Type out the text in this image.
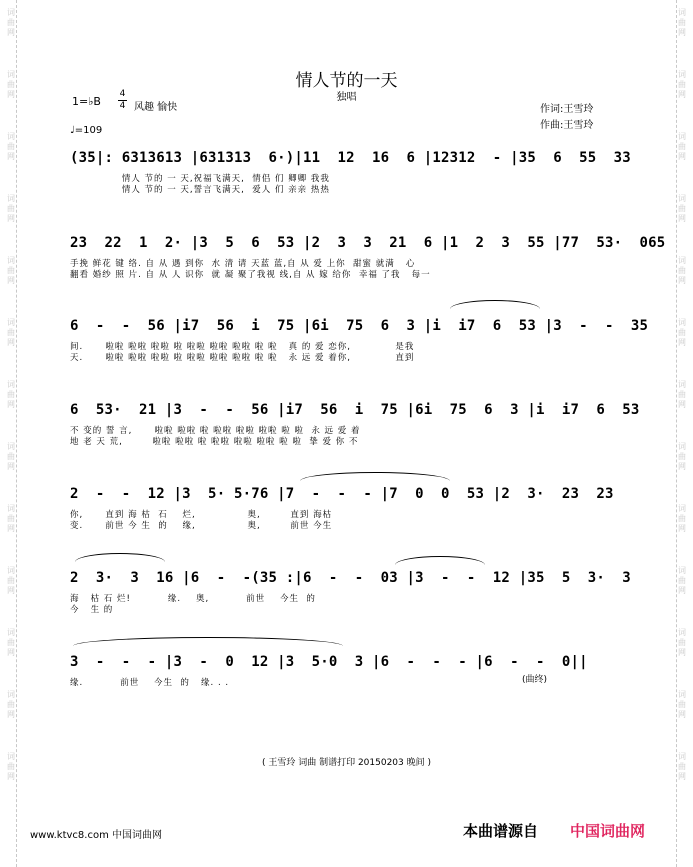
词曲网
词曲网
词曲网
词曲网
词曲网
词曲网
词曲网
词曲网
词曲网
词曲网
词曲网
词曲网
词曲网
词曲网
词曲网
词曲网
词曲网
词曲网
词曲网
词曲网
词曲网
词曲网
词曲网
词曲网
词曲网
词曲网
情人节的一天
独唱
1=♭B
4
4 风趣 愉快
♩=109
作词:王雪玲
作曲:王雪玲
(35|: 6313613 |631313  6·)|11  12  16  6 |12312  - |35  6  55  33
情人 节的 一 天,祝福飞满天,  情侣 们 卿卿 我我
情人 节的 一 天,誓言飞满天,  爱人 们 亲亲 热热
23  22  1  2· |3  5  6  53 |2  3  3  21  6 |1  2  3  55 |77  53·  065
手挽 鲜花 键 络. 自 从 遇 到你  水 清 请 天蓝 蓝,自 从 爱 上你  甜蜜 就满   心
翻看 婚纱 照 片. 自 从 人 识你  就 凝 聚了我视 线,自 从 嫁 给你  幸福 了我   每一
6  -  -  56 |i7  56  i  75 |6i  75  6  3 |i  i7  6  53 |3  -  -  35
间.      啦啦 啦啦 啦啦 啦 啦啦 啦啦 啦啦 啦 啦   真 的 爱 恋你,            是我
天.      啦啦 啦啦 啦啦 啦 啦啦 啦啦 啦啦 啦 啦   永 远 爱 着你,            直到
6  53·  21 |3  -  -  56 |i7  56  i  75 |6i  75  6  3 |i  i7  6  53
不 变的 誓 言,      啦啦 啦啦 啦 啦啦 啦啦 啦啦 啦 啦  永 远 爱 着
地 老 天 荒,        啦啦 啦啦 啦 啦啦 啦啦 啦啦 啦 啦  挚 爱 你 不
2  -  -  12 |3  5· 5·76 |7  -  -  - |7  0  0  53 |2  3·  23  23
你,      直到 海 枯  石    烂,              奥,        直到 海枯
变.      前世 今 生  的    缘,              奥,        前世 今生
2  3·  3  16 |6  -  -(35 :|6  -  -  03 |3  -  -  12 |35  5  3·  3
海   枯 石 烂!          缘.    奥,          前世    今生  的
今   生 的
3  -  -  - |3  -  0  12 |3  5·0  3 |6  -  -  - |6  -  -  0||
缘.          前世    今生  的   缘. . .	(曲终)
( 王雪玲 词曲 制谱打印 20150203 晚间 )
www.ktvc8.com 中国词曲网	本曲谱源自 中国词曲网
